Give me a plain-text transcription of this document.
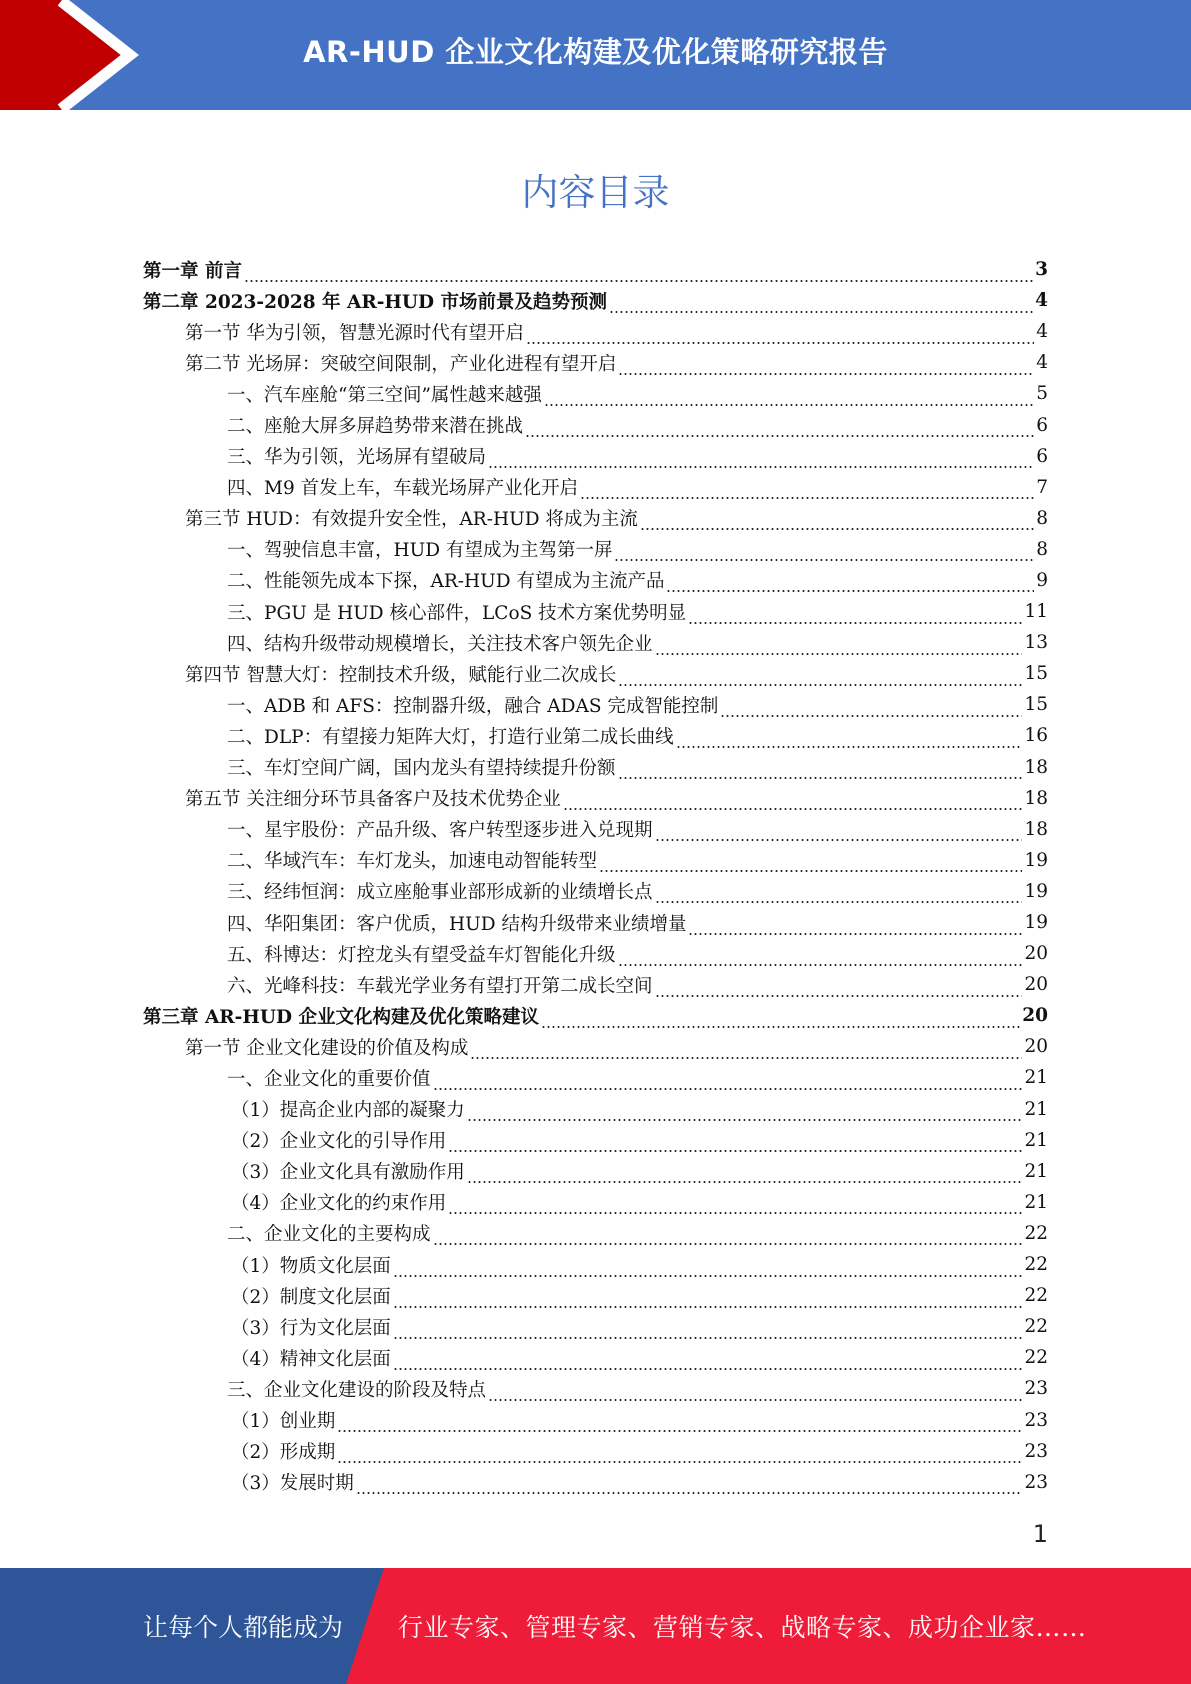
AR-HUD 企业文化构建及优化策略研究报告
内容目录
第一章 前言	3
第二章 2023-2028 年 AR-HUD 市场前景及趋势预测	4
第一节 华为引领，智慧光源时代有望开启	4
第二节 光场屏：突破空间限制，产业化进程有望开启	4
一、汽车座舱“第三空间”属性越来越强	5
二、座舱大屏多屏趋势带来潜在挑战	6
三、华为引领，光场屏有望破局	6
四、M9 首发上车，车载光场屏产业化开启	7
第三节 HUD：有效提升安全性，AR-HUD 将成为主流	8
一、驾驶信息丰富，HUD 有望成为主驾第一屏	8
二、性能领先成本下探，AR-HUD 有望成为主流产品	9
三、PGU 是 HUD 核心部件，LCoS 技术方案优势明显	11
四、结构升级带动规模增长，关注技术客户领先企业	13
第四节 智慧大灯：控制技术升级，赋能行业二次成长	15
一、ADB 和 AFS：控制器升级，融合 ADAS 完成智能控制	15
二、DLP：有望接力矩阵大灯，打造行业第二成长曲线	16
三、车灯空间广阔，国内龙头有望持续提升份额	18
第五节 关注细分环节具备客户及技术优势企业	18
一、星宇股份：产品升级、客户转型逐步进入兑现期	18
二、华域汽车：车灯龙头，加速电动智能转型	19
三、经纬恒润：成立座舱事业部形成新的业绩增长点	19
四、华阳集团：客户优质，HUD 结构升级带来业绩增量	19
五、科博达：灯控龙头有望受益车灯智能化升级	20
六、光峰科技：车载光学业务有望打开第二成长空间	20
第三章 AR-HUD 企业文化构建及优化策略建议	20
第一节 企业文化建设的价值及构成	20
一、企业文化的重要价值	21
（1）提高企业内部的凝聚力	21
（2）企业文化的引导作用	21
（3）企业文化具有激励作用	21
（4）企业文化的约束作用	21
二、企业文化的主要构成	22
（1）物质文化层面	22
（2）制度文化层面	22
（3）行为文化层面	22
（4）精神文化层面	22
三、企业文化建设的阶段及特点	23
（1）创业期	23
（2）形成期	23
（3）发展时期	23
1
让每个人都能成为 行业专家、管理专家、营销专家、战略专家、成功企业家……
